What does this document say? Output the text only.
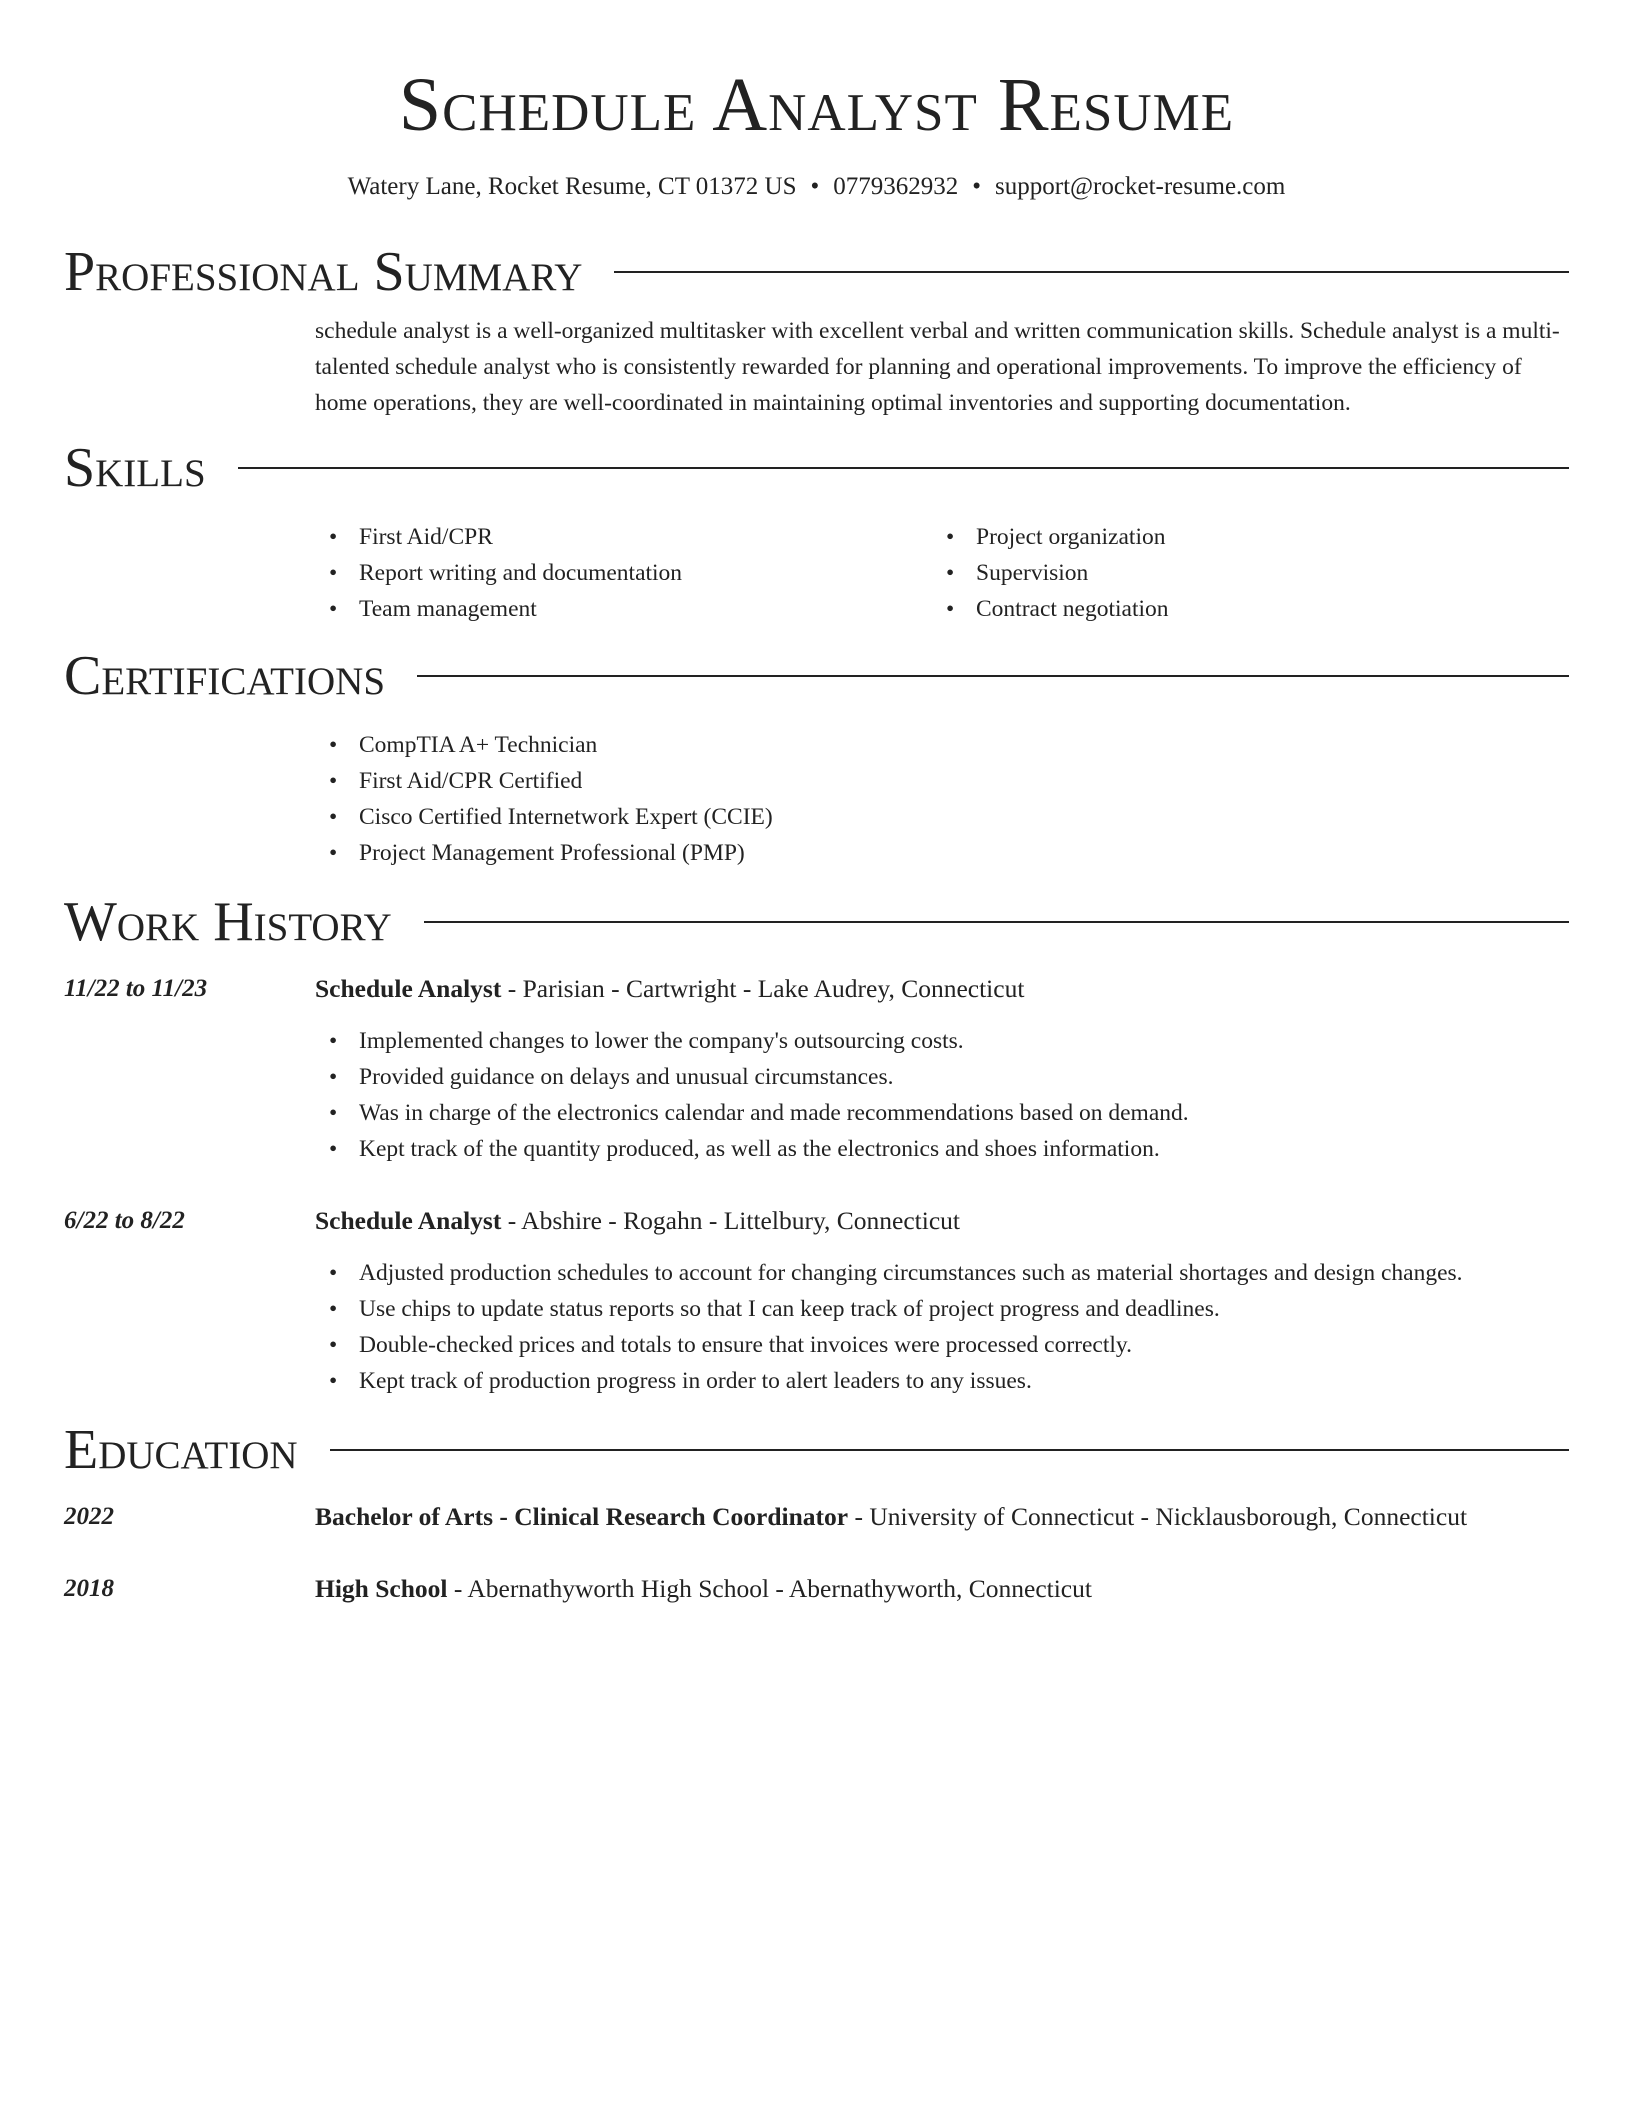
Schedule Analyst Resume
Watery Lane, Rocket Resume, CT 01372 US • 0779362932 • support@rocket-resume.com
Professional Summary
schedule analyst is a well-organized multitasker with excellent verbal and written communication skills. Schedule analyst is a multi-talented schedule analyst who is consistently rewarded for planning and operational improvements. To improve the efficiency of home operations, they are well-coordinated in maintaining optimal inventories and supporting documentation.
Skills
• First Aid/CPR
• Report writing and documentation
• Team management
• Project organization
• Supervision
• Contract negotiation
Certifications
• CompTIA A+ Technician
• First Aid/CPR Certified
• Cisco Certified Internetwork Expert (CCIE)
• Project Management Professional (PMP)
Work History
11/22 to 11/23	Schedule Analyst - Parisian - Cartwright - Lake Audrey, Connecticut
• Implemented changes to lower the company's outsourcing costs.
• Provided guidance on delays and unusual circumstances.
• Was in charge of the electronics calendar and made recommendations based on demand.
• Kept track of the quantity produced, as well as the electronics and shoes information.
6/22 to 8/22	Schedule Analyst - Abshire - Rogahn - Littelbury, Connecticut
• Adjusted production schedules to account for changing circumstances such as material shortages and design changes.
• Use chips to update status reports so that I can keep track of project progress and deadlines.
• Double-checked prices and totals to ensure that invoices were processed correctly.
• Kept track of production progress in order to alert leaders to any issues.
Education
2022	Bachelor of Arts - Clinical Research Coordinator - University of Connecticut - Nicklausborough, Connecticut
2018	High School - Abernathyworth High School - Abernathyworth, Connecticut
